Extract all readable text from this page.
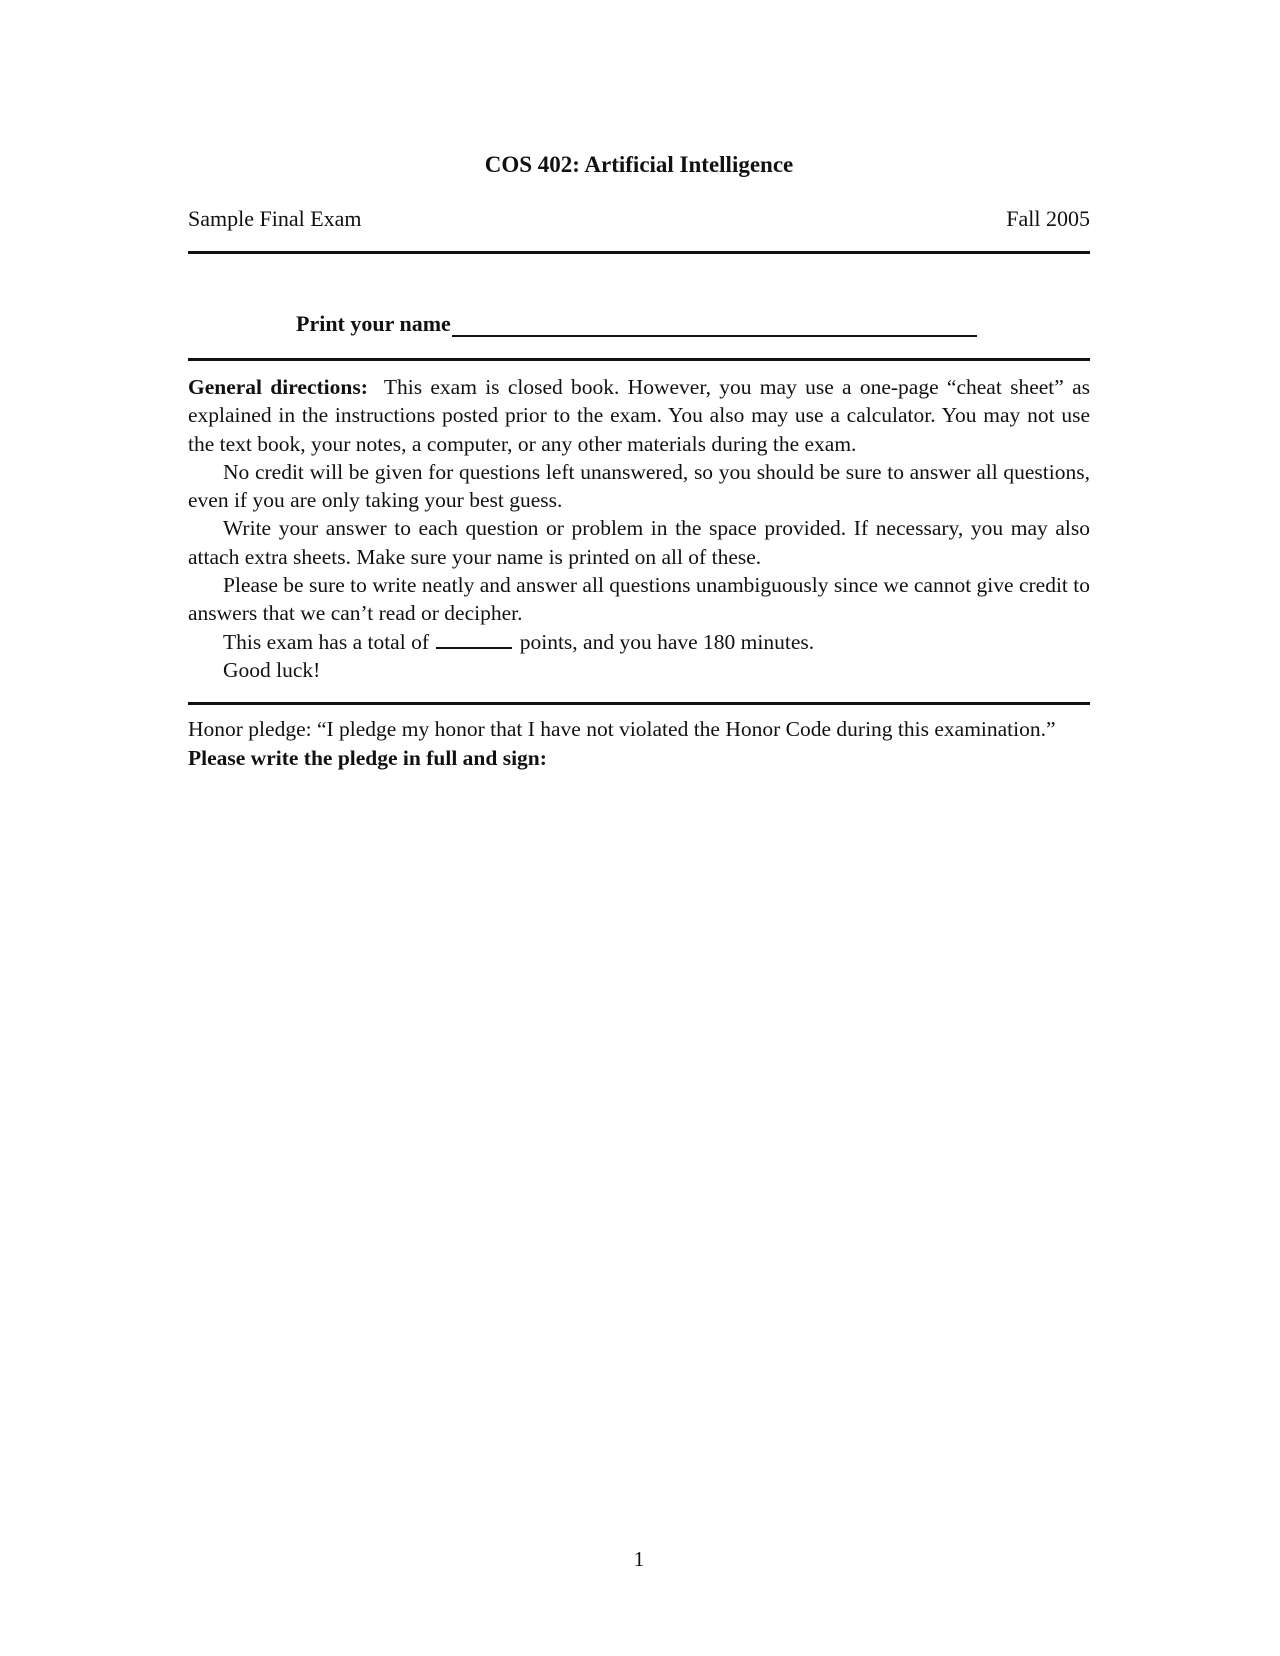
COS 402: Artificial Intelligence
Sample Final Exam	Fall 2005
Print your name

General directions: This exam is closed book. However, you may use a one-page “cheat sheet” as explained in the instructions posted prior to the exam. You also may use a calculator. You may not use the text book, your notes, a computer, or any other materials during the exam.

No credit will be given for questions left unanswered, so you should be sure to answer all questions, even if you are only taking your best guess.

Write your answer to each question or problem in the space provided. If necessary, you may also attach extra sheets. Make sure your name is printed on all of these.

Please be sure to write neatly and answer all questions unambiguously since we cannot give credit to answers that we can’t read or decipher.

This exam has a total of	points, and you have 180 minutes.

Good luck!

Honor pledge: “I pledge my honor that I have not violated the Honor Code during this examination.”
Please write the pledge in full and sign:
1
